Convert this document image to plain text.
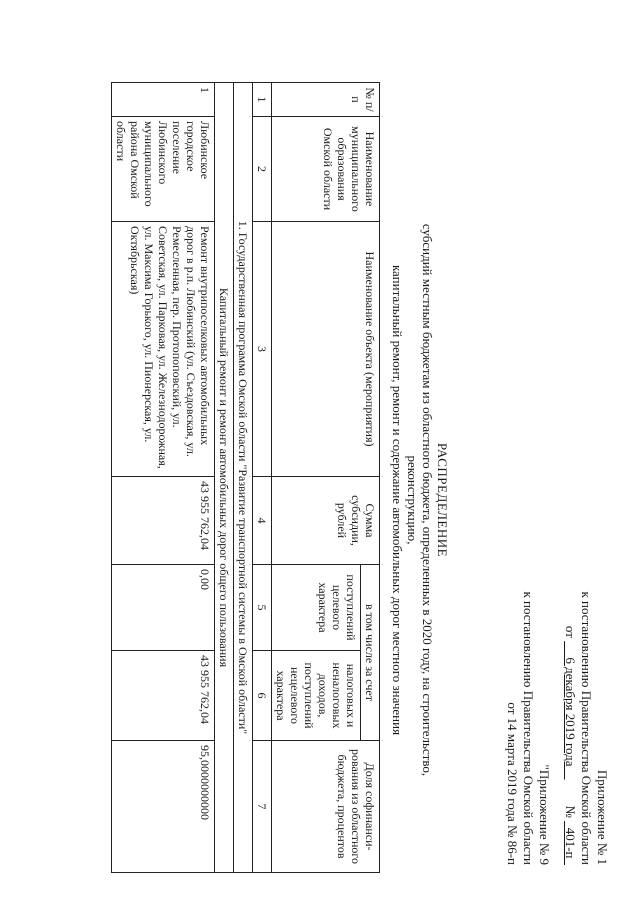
Приложение № 1
к постановлению Правительства Омской области
от      6 декабря 2019 года            №   401-п
"Приложение № 9
к постановлению Правительства Омской области
от 14 марта 2019 года № 86-п
РАСПРЕДЕЛЕНИЕ
субсидий местным бюджетам из областного бюджета, определенных в 2020 году, на строительство, реконструкцию,
капитальный ремонт, ремонт и содержание автомобильных дорог местного значения
№ п/п	Наименование муниципального образования Омской области	Наименование объекта (мероприятия)	Сумма субсидии, рублей	в том числе за счет		Доля софинанси-рования из областного бюджета, процентов
				поступлений целевого характера	налоговых и неналоговых доходов, поступлений нецелевого характера	
1	2	3	4	5	6	7
1. Государственная программа Омской области "Развитие транспортной системы в Омской области"						
Капитальный ремонт и ремонт автомобильных дорог общего пользования						
1	Любинское городское поселение Любинского муниципального района Омской области	Ремонт внутрипоселковых автомобильных дорог в р.п. Любинский (ул. Съездовская, ул. Ремесленная, пер. Протопоповский, ул. Советская, ул. Парковая, ул. Железнодорожная, ул. Максима Горького, ул. Пионерская, ул. Октябрьская)	43 955 762,04	0,00	43 955 762,04	95,0000000000
